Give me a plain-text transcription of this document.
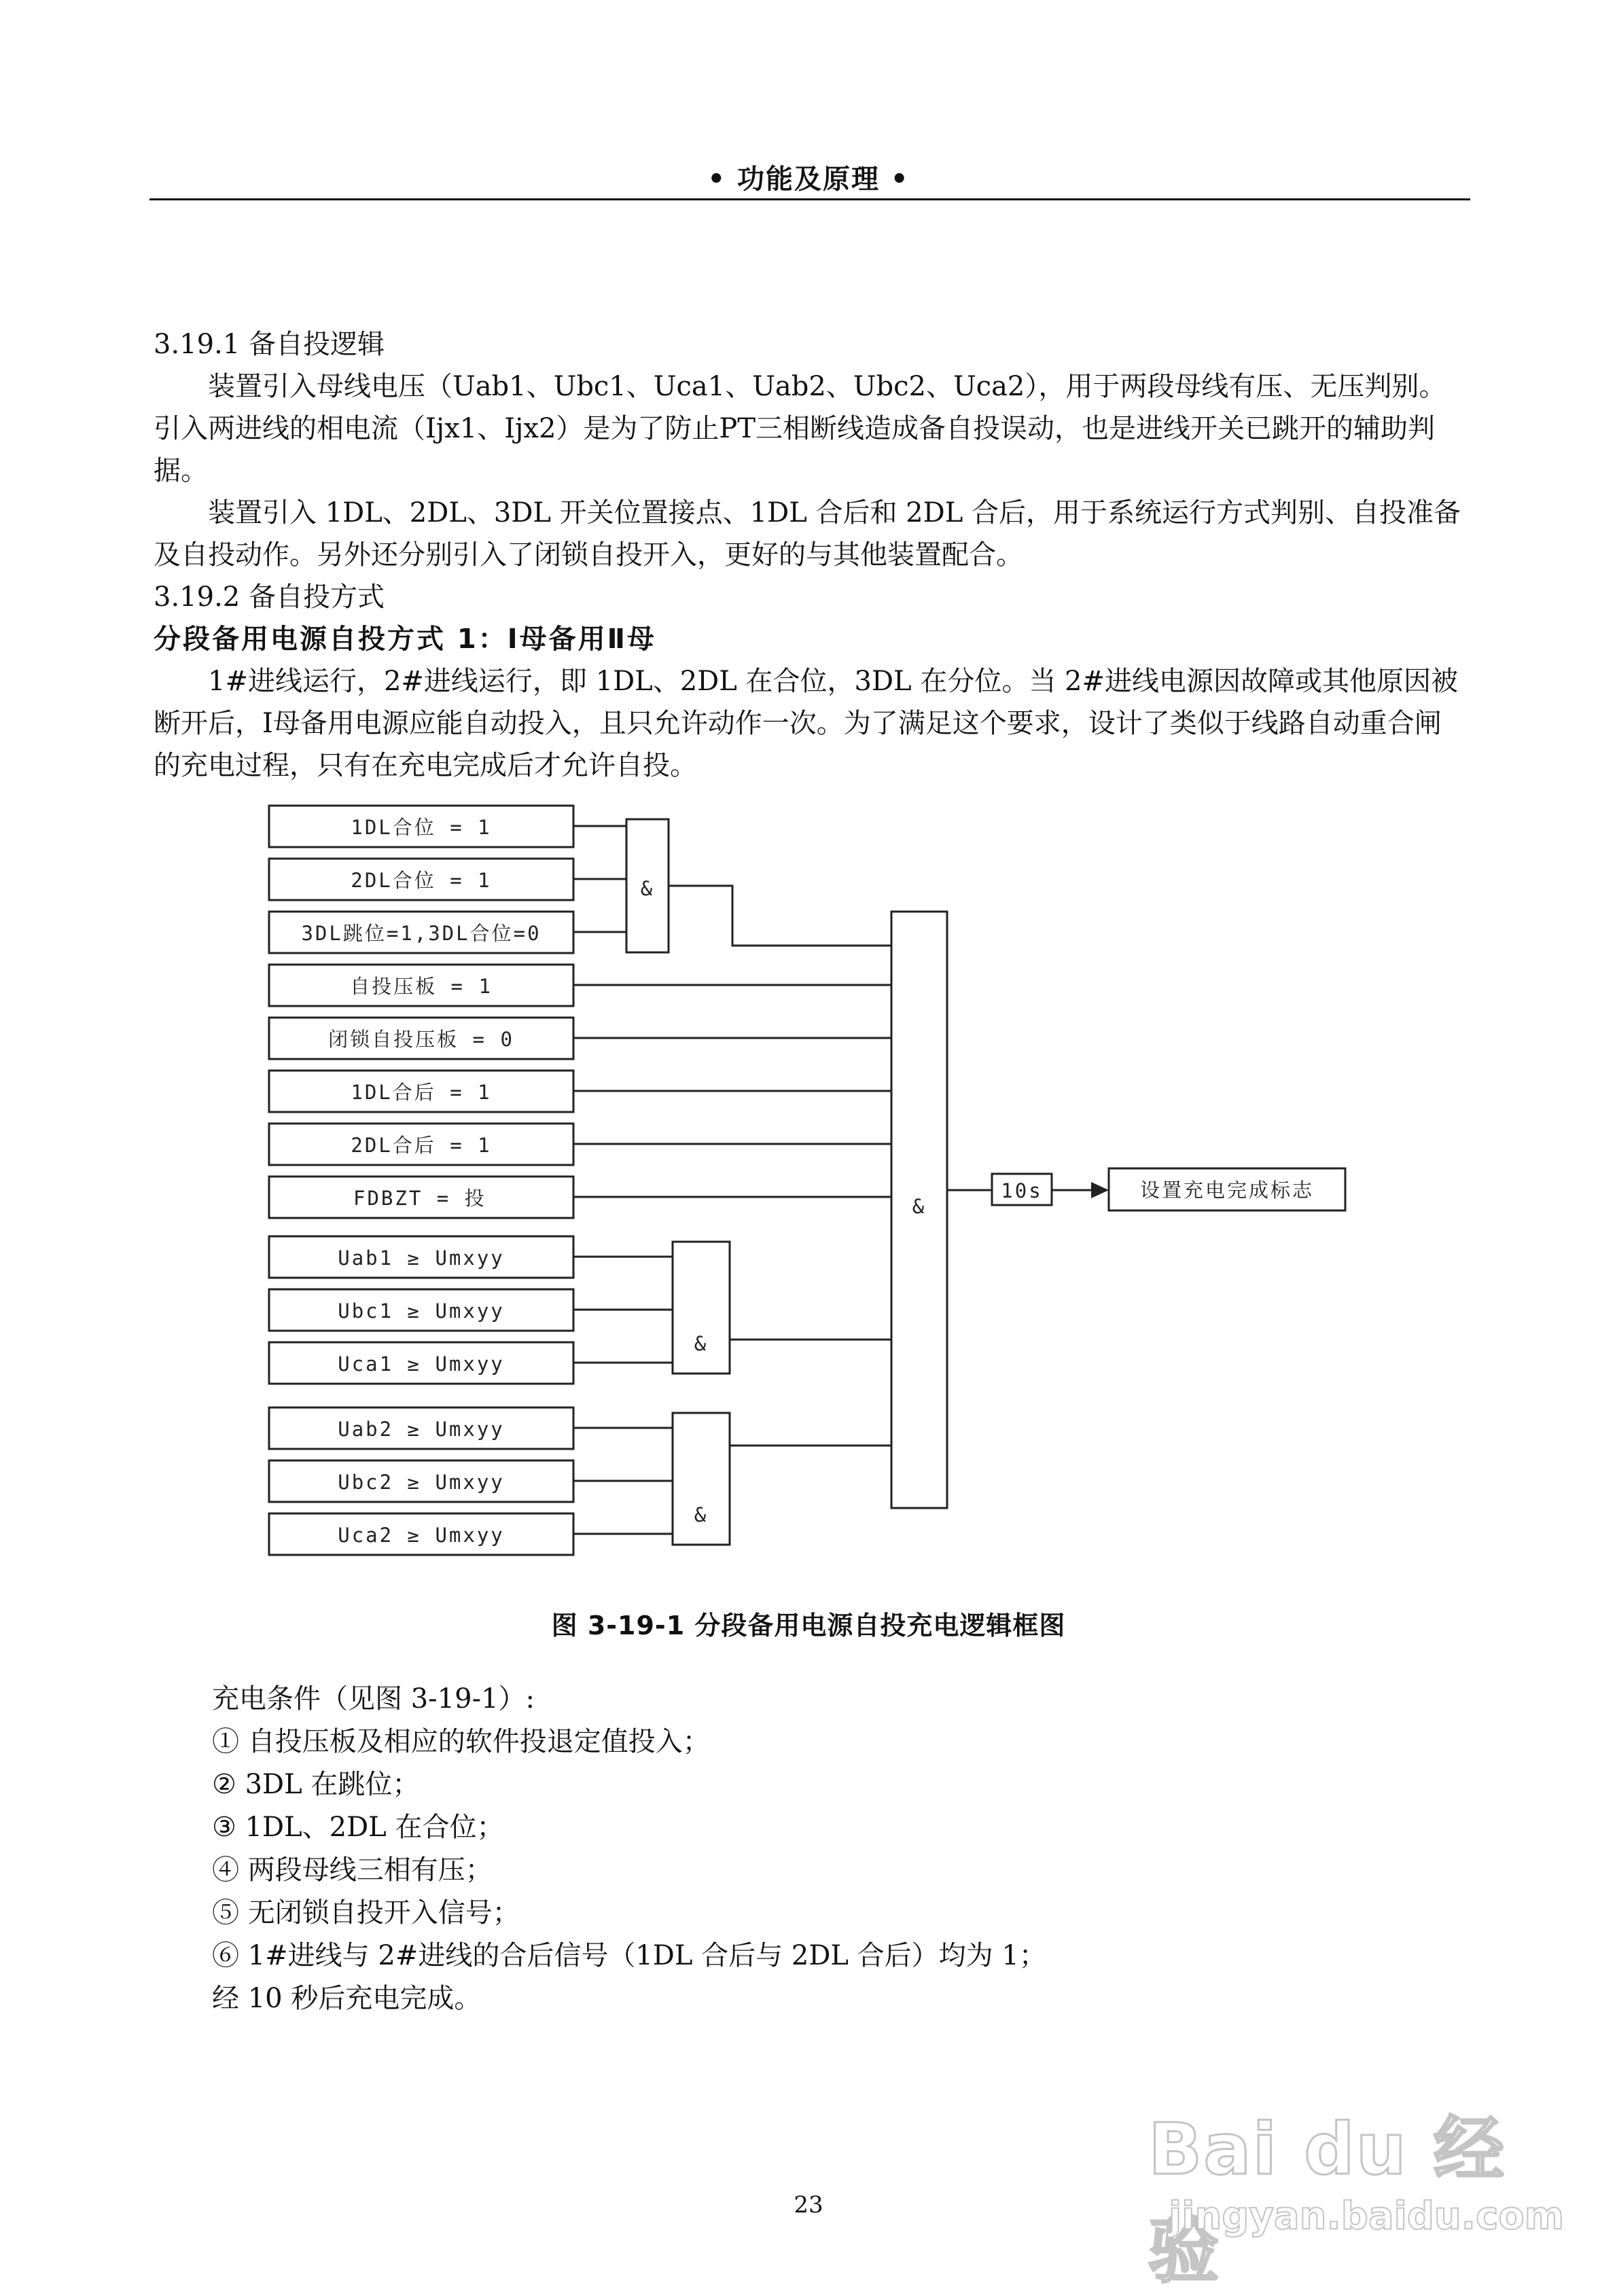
• 功能及原理 •

3.19.1 备自投逻辑

装置引入母线电压（Uab1、Ubc1、Uca1、Uab2、Ubc2、Uca2），用于两段母线有压、无压判别。引入两进线的相电流（Ijx1、Ijx2）是为了防止PT三相断线造成备自投误动，也是进线开关已跳开的辅助判据。

装置引入 1DL、2DL、3DL 开关位置接点、1DL 合后和 2DL 合后，用于系统运行方式判别、自投准备及自投动作。另外还分别引入了闭锁自投开入，更好的与其他装置配合。

3.19.2 备自投方式

分段备用电源自投方式 1：Ⅰ母备用Ⅱ母

1#进线运行，2#进线运行，即 1DL、2DL 在合位，3DL 在分位。当 2#进线电源因故障或其他原因被断开后，Ⅰ母备用电源应能自动投入，且只允许动作一次。为了满足这个要求，设计了类似于线路自动重合闸的充电过程，只有在充电完成后才允许自投。

1DL合位 = 1
2DL合位 = 1
3DL跳位=1,3DL合位=0
自投压板 = 1
闭锁自投压板 = 0
1DL合后 = 1
2DL合后 = 1
FDBZT = 投
Uab1 ≥ Umxyy
Ubc1 ≥ Umxyy
Uca1 ≥ Umxyy
Uab2 ≥ Umxyy
Ubc2 ≥ Umxyy
Uca2 ≥ Umxyy
&
&
&
&
10s	设置充电完成标志
图 3-19-1 分段备用电源自投充电逻辑框图
充电条件（见图 3-19-1）:
① 自投压板及相应的软件投退定值投入；
② 3DL 在跳位；
③ 1DL、2DL 在合位；
④ 两段母线三相有压；
⑤ 无闭锁自投开入信号；
⑥ 1#进线与 2#进线的合后信号（1DL 合后与 2DL 合后）均为 1；
经 10 秒后充电完成。
23
Bai du 经验
jingyan.baidu.com
